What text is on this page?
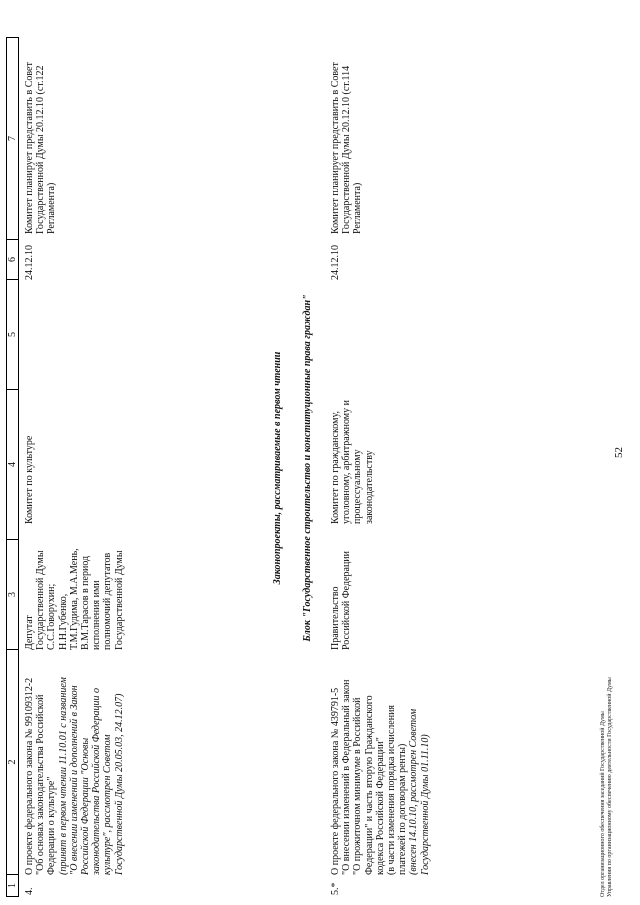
52
1
2
3
4
5
6
7
4.
О проекте федерального закона № 99109312-2 "Об основах законодательства Российской Федерации о культуре" (принят в первом чтении 11.10.01 с названием "О внесении изменений и дополнений в Закон Российской Федерации "Основы законодательства Российской Федерации о культуре", рассмотрен Советом Государственной Думы 20.05.03, 24.12.07)
Депутат Государственной Думы С.С.Говорухин; Н.Н.Губенко, Т.М.Гудима, М.А.Мень, В.М.Тарасов в период исполнения ими полномочий депутатов Государственной Думы
Комитет по культуре
24.12.10
Комитет планирует представить в Совет Государственной Думы 20.12.10 (ст.122 Регламента)
Законопроекты, рассматриваемые в первом чтении Блок "Государственное строительство и конституционные права граждан"
5.*
О проекте федерального закона № 439791-5 "О внесении изменений в Федеральный закон "О прожиточном минимуме в Российской Федерации" и часть вторую Гражданского кодекса Российской Федерации" (в части изменения порядка исчисления платежей по договорам ренты) (внесен 14.10.10, рассмотрен Советом Государственной Думы 01.11.10)
Правительство Российской Федерации
Комитет по гражданскому, уголовному, арбитражному и процессуальному законодательству
24.12.10
Комитет планирует представить в Совет Государственной Думы 20.12.10 (ст.114 Регламента)
Отдел организационного обеспечения заседаний Государственной Думы Управления по организационному обеспечению деятельности Государственной Думы
